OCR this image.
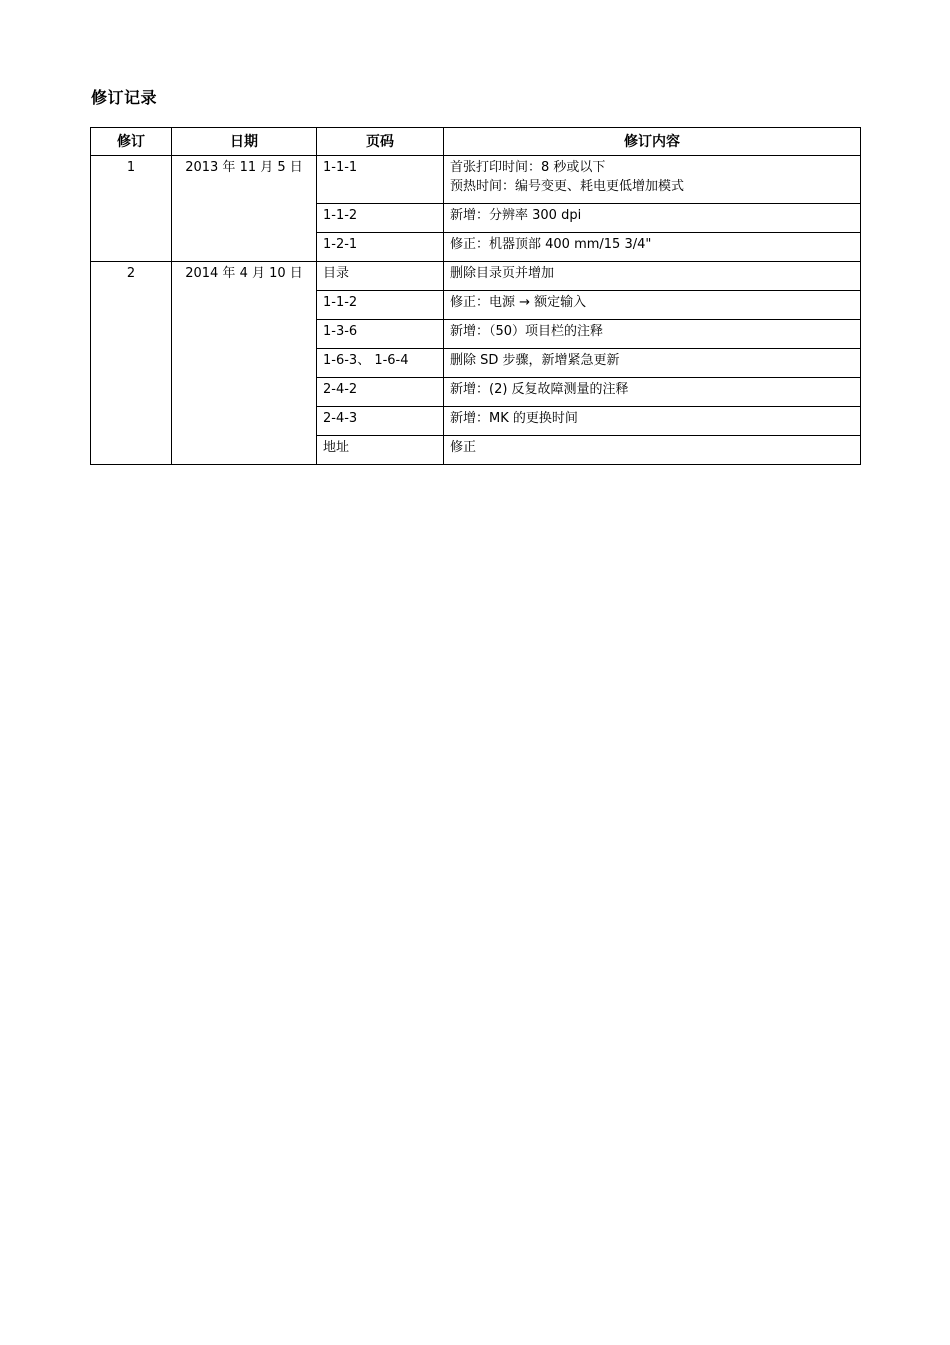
修订记录
修订	日期	页码	修订内容
1	2013 年 11 月 5 日	1-1-1	首张打印时间：8 秒或以下
预热时间：编号变更、耗电更低增加模式

		1-1-2	新增：分辨率 300 dpi
		1-2-1	修正：机器顶部 400 mm/15 3/4"
2	2014 年 4 月 10 日	目录	删除目录页并增加
		1-1-2	修正：电源 → 额定输入
		1-3-6	新增：（50）项目栏的注释
		1-6-3、 1-6-4	删除 SD 步骤，新增紧急更新
		2-4-2	新增：(2) 反复故障测量的注释
		2-4-3	新增：MK 的更换时间
		地址	修正
